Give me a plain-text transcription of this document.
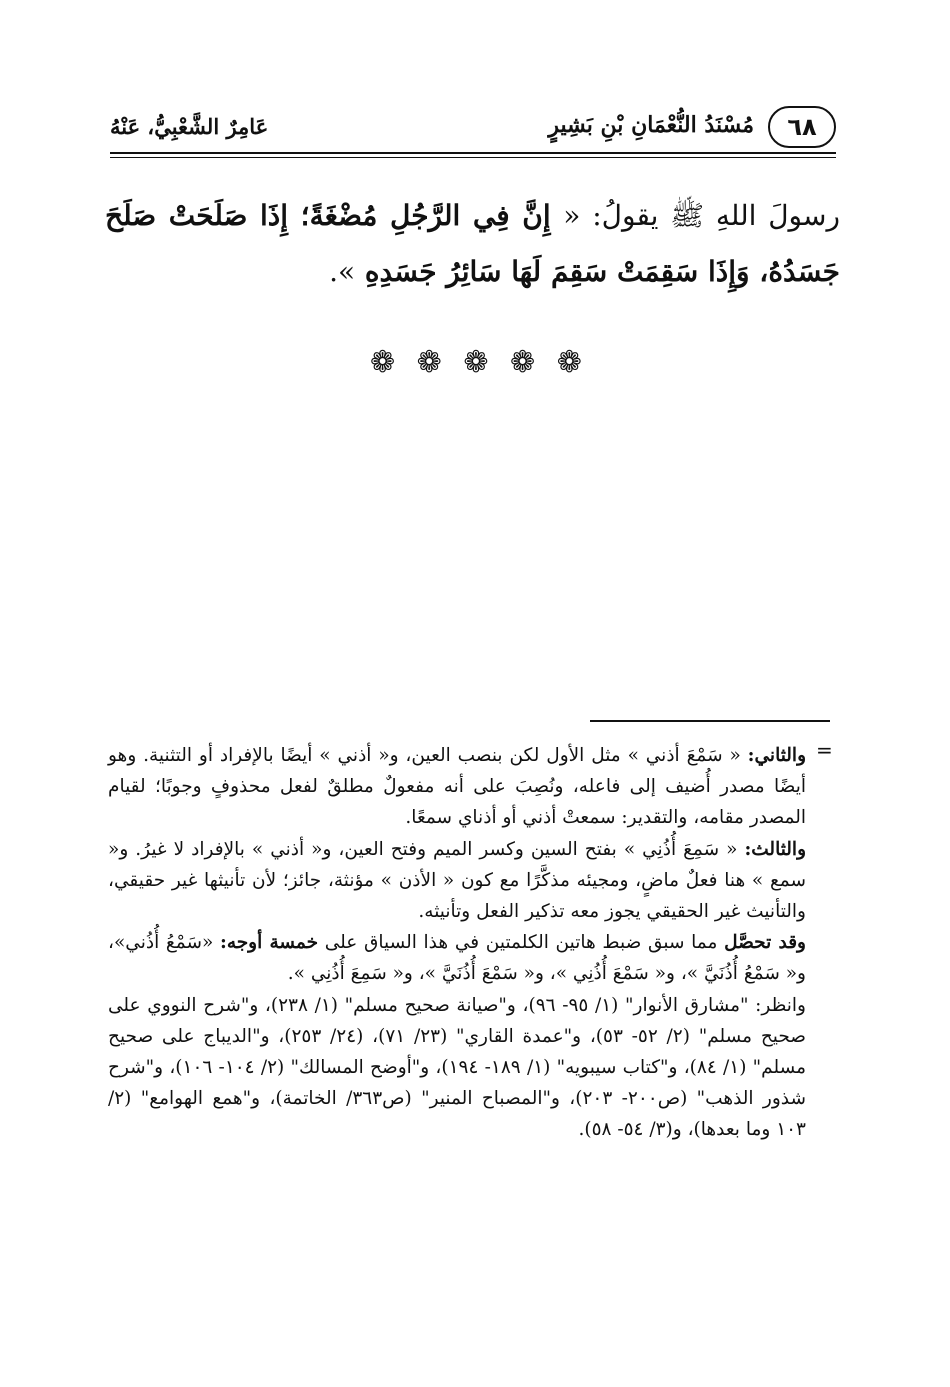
٦٨
مُسْنَدُ النُّعْمَانِ بْنِ بَشِيرٍ
عَامِرٌ الشَّعْبِيُّ، عَنْهُ
رسولَ اللهِ ﷺ يقولُ: « إِنَّ فِي الرَّجُلِ مُضْغَةً؛ إِذَا صَلَحَتْ صَلَحَ جَسَدُهُ، وَإِذَا سَقِمَتْ سَقِمَ لَهَا سَائِرُ جَسَدِهِ ».
❁ ❁ ❁ ❁ ❁
=

والثاني: « سَمْعَ أذني » مثل الأول لكن بنصب العين، و« أذني » أيضًا بالإفراد أو التثنية. وهو أيضًا مصدر أُضيف إلى فاعله، ونُصِبَ على أنه مفعولٌ مطلقٌ لفعل محذوفٍ وجوبًا؛ لقيام المصدر مقامه، والتقدير: سمعتْ أذني أو أذناي سمعًا.

والثالث: « سَمِعَ أُذُنِي » بفتح السين وكسر الميم وفتح العين، و« أذني » بالإفراد لا غيرُ. و« سمع » هنا فعلٌ ماضٍ، ومجيئه مذكَّرًا مع كون « الأذن » مؤنثة، جائز؛ لأن تأنيثها غير حقيقي، والتأنيث غير الحقيقي يجوز معه تذكير الفعل وتأنيثه.

وقد تحصَّل مما سبق ضبط هاتين الكلمتين في هذا السياق على خمسة أوجه: «سَمْعُ أُذُني»، و« سَمْعُ أُذُنَيَّ »، و« سَمْعَ أُذُنِي »، و« سَمْعَ أُذُنَيَّ »، و« سَمِعَ أُذُنِي ».

وانظر: "مشارق الأنوار" (١/ ٩٥- ٩٦)، و"صيانة صحيح مسلم" (١/ ٢٣٨)، و"شرح النووي على صحيح مسلم" (٢/ ٥٢- ٥٣)، و"عمدة القاري" (٢٣/ ٧١)، (٢٤/ ٢٥٣)، و"الديباج على صحيح مسلم" (١/ ٨٤)، و"كتاب سيبويه" (١/ ١٨٩- ١٩٤)، و"أوضح المسالك" (٢/ ١٠٤- ١٠٦)، و"شرح شذور الذهب" (ص٢٠٠- ٢٠٣)، و"المصباح المنير" (ص٣٦٣/ الخاتمة)، و"همع الهوامع" (٢/ ١٠٣ وما بعدها)، و(٣/ ٥٤- ٥٨).
